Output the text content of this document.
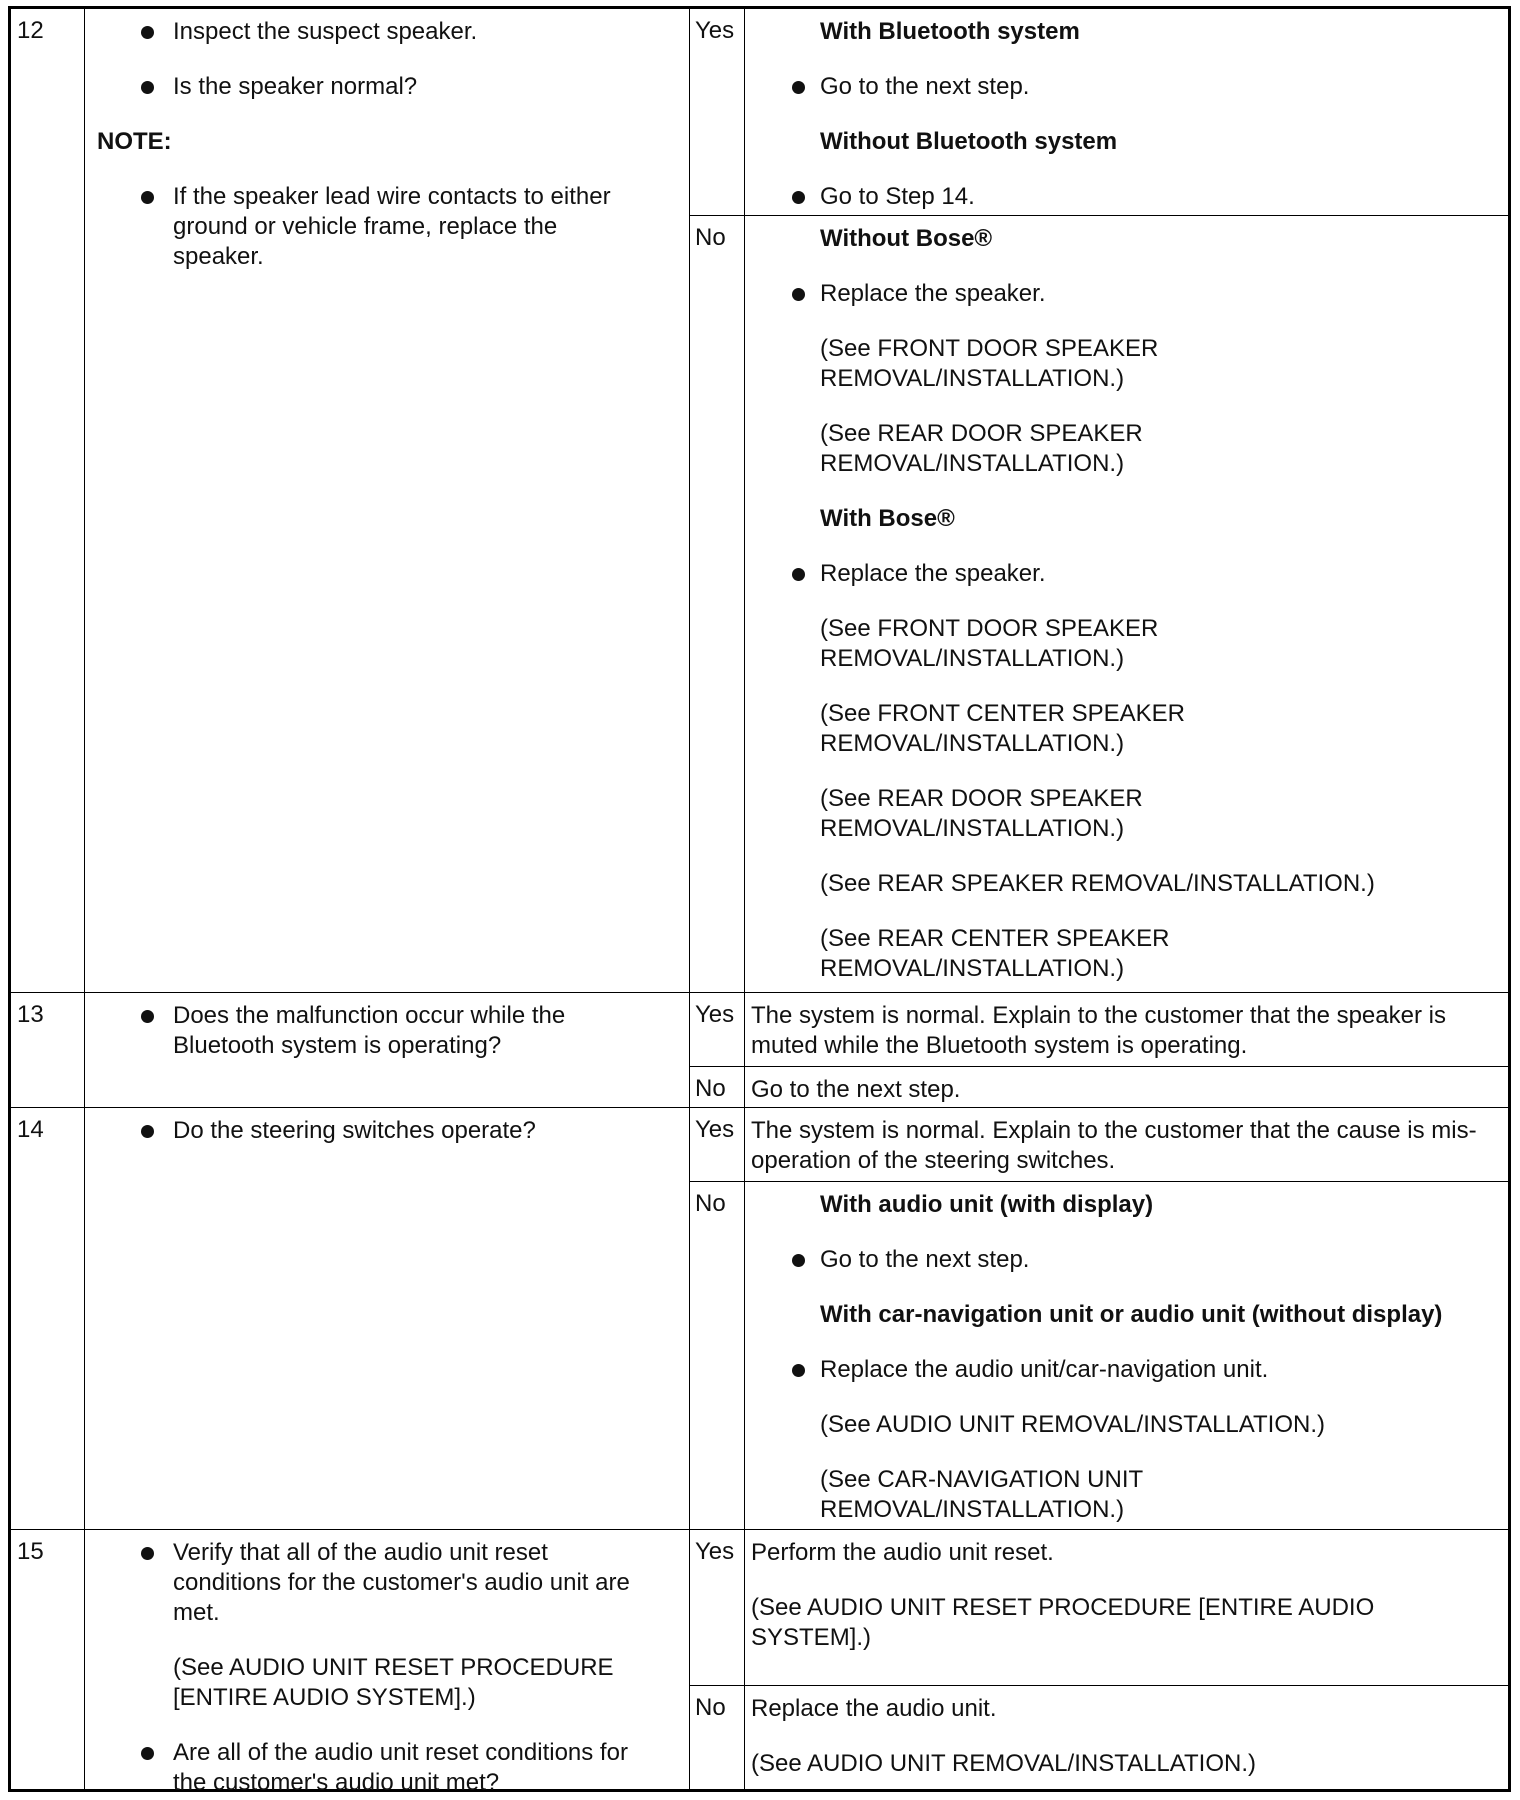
12	Inspect the suspect speaker.
Is the speaker normal?
NOTE:
If the speaker lead wire contacts to either ground or vehicle frame, replace the speaker.
Yes	With Bluetooth system
Go to the next step.
Without Bluetooth system
Go to Step 14.
No	Without Bose®
Replace the speaker.
(See FRONT DOOR SPEAKER REMOVAL/INSTALLATION.)
(See REAR DOOR SPEAKER REMOVAL/INSTALLATION.)
With Bose®
Replace the speaker.
(See FRONT DOOR SPEAKER REMOVAL/INSTALLATION.)
(See FRONT CENTER SPEAKER REMOVAL/INSTALLATION.)
(See REAR DOOR SPEAKER REMOVAL/INSTALLATION.)
(See REAR SPEAKER REMOVAL/INSTALLATION.)
(See REAR CENTER SPEAKER REMOVAL/INSTALLATION.)
13	Does the malfunction occur while the Bluetooth system is operating?
Yes The system is normal. Explain to the customer that the speaker is muted while the Bluetooth system is operating.
No	Go to the next step.
14	Do the steering switches operate?	Yes The system is normal. Explain to the customer that the cause is mis-operation of the steering switches.
No	With audio unit (with display)
Go to the next step.
With car-navigation unit or audio unit (without display)
Replace the audio unit/car-navigation unit.
(See AUDIO UNIT REMOVAL/INSTALLATION.)
(See CAR-NAVIGATION UNIT REMOVAL/INSTALLATION.)
15	Verify that all of the audio unit reset conditions for the customer's audio unit are met.
(See AUDIO UNIT RESET PROCEDURE [ENTIRE AUDIO SYSTEM].)
Are all of the audio unit reset conditions for the customer's audio unit met?
Yes Perform the audio unit reset.
(See AUDIO UNIT RESET PROCEDURE [ENTIRE AUDIO SYSTEM].)
No	Replace the audio unit.
(See AUDIO UNIT REMOVAL/INSTALLATION.)
